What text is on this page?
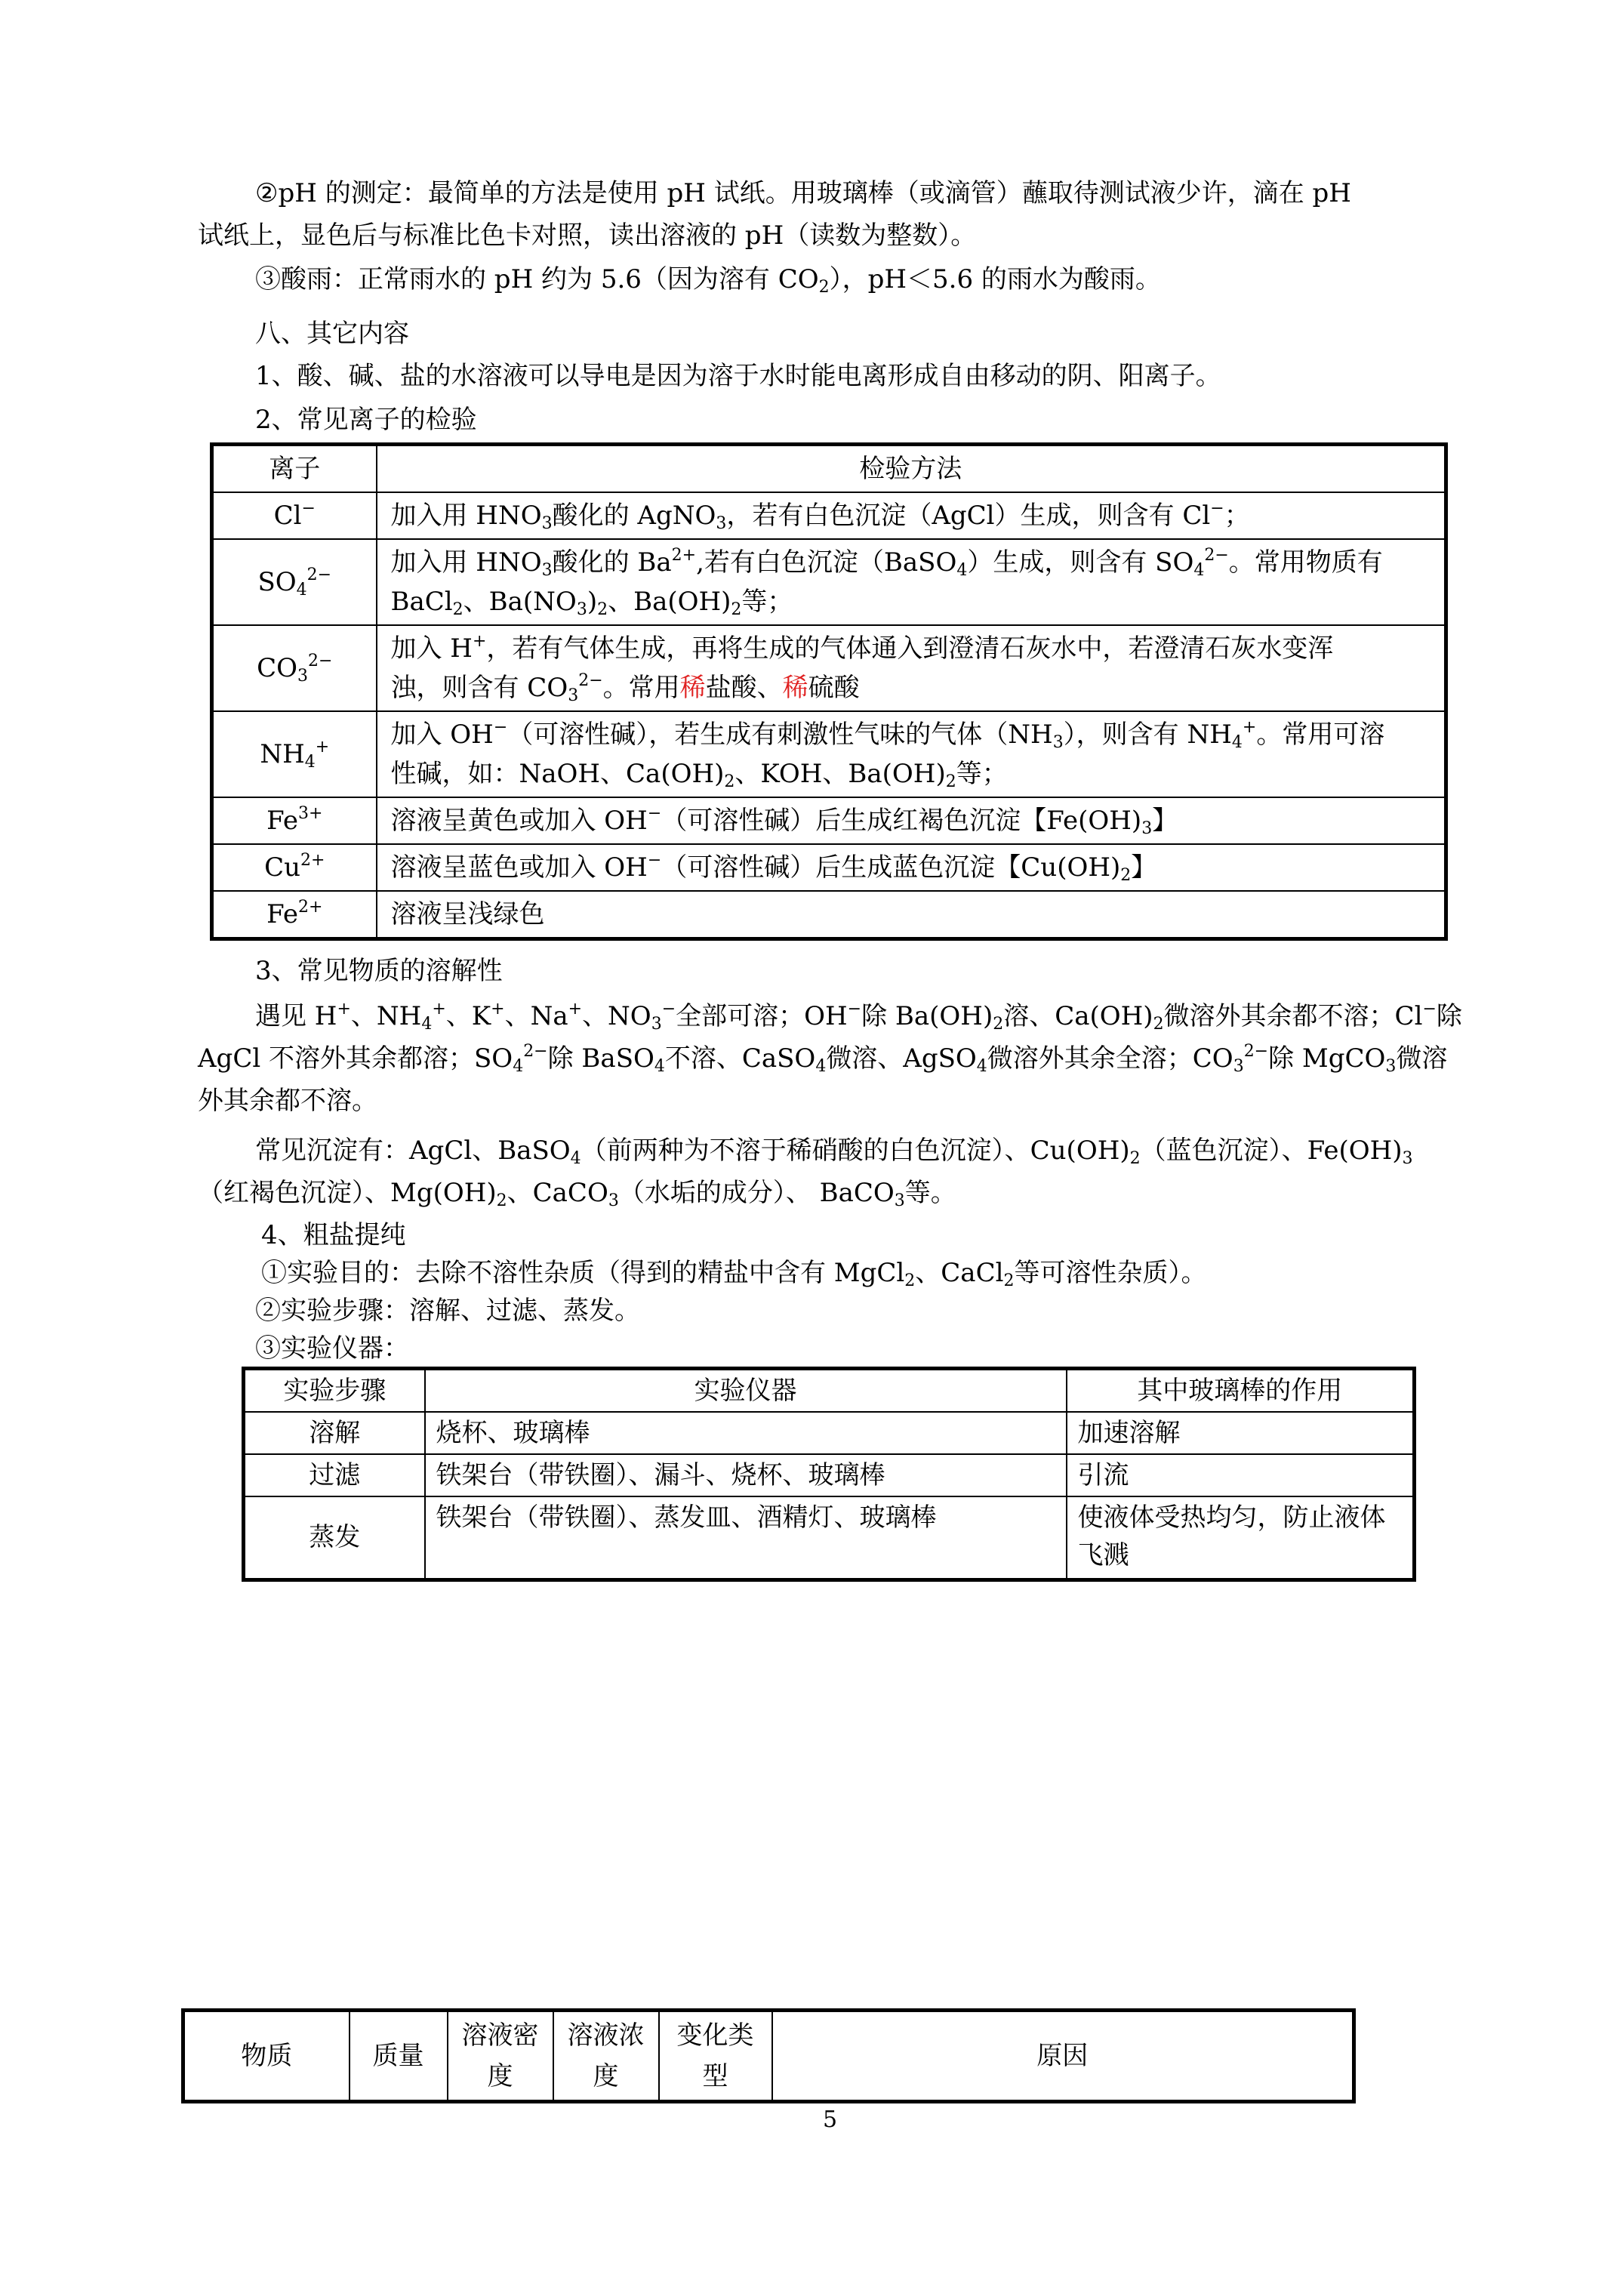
②pH 的测定：最简单的方法是使用 pH 试纸。用玻璃棒（或滴管）蘸取待测试液少许，滴在 pH
试纸上，显色后与标准比色卡对照，读出溶液的 pH（读数为整数）。
③酸雨：正常雨水的 pH 约为 5.6（因为溶有 $CO_2$），pH＜5.6 的雨水为酸雨。
八、其它内容
1、酸、碱、盐的水溶液可以导电是因为溶于水时能电离形成自由移动的阴、阳离子。
2、常见离子的检验
离子	检验方法
Cl−	加入用 $HNO_3$酸化的 AgNO$_3$，若有白色沉淀（AgCl）生成，则含有 Cl−；
$SO_4^{2-}$	加入用 $HNO_3$酸化的 $Ba^{2+}$,若有白色沉淀（BaSO$_4$）生成，则含有 $SO_4^{2-}$。常用物质有
BaCl$_2$、$Ba(NO_3)_2$、$Ba(OH)_2$等；
$CO_3^{2-}$	加入 H+，若有气体生成，再将生成的气体通入到澄清石灰水中，若澄清石灰水变浑
浊，则含有 $CO_3^{2-}$。常用稀盐酸、稀硫酸
$NH_4^+$	加入 OH−（可溶性碱），若生成有刺激性气味的气体$(NH_3)$，则含有 $NH_4^+$。常用可溶
性碱，如：NaOH、$Ca(OH)_2$、KOH、$Ba(OH)_2$等；
$Fe^{3+}$	溶液呈黄色或加入 OH−（可溶性碱）后生成红褐色沉淀【$Fe(OH)_3$】
$Cu^{2+}$	溶液呈蓝色或加入 OH−（可溶性碱）后生成蓝色沉淀【$Cu(OH)_2$】
$Fe^{2+}$	溶液呈浅绿色
3、常见物质的溶解性
遇见 H+、$NH_4^+$、K+、Na+、$NO_3^-$全部可溶；OH−除 $Ba(OH)_2$溶、$Ca(OH)_2$微溶外其余都不溶；Cl−除
AgCl 不溶外其余都溶；$SO_4^{2-}$除 BaSO$_4$不溶、CaSO$_4$微溶、AgSO$_4$微溶外其余全溶；$CO_3^{2-}$除 MgCO$_3$微溶
外其余都不溶。
常见沉淀有：AgCl、BaSO$_4$（前两种为不溶于稀硝酸的白色沉淀）、$Cu(OH)_2$（蓝色沉淀）、$Fe(OH)_3$
（红褐色沉淀）、$Mg(OH)_2$、CaCO$_3$（水垢的成分）、 BaCO$_3$等。
4、粗盐提纯
①实验目的：去除不溶性杂质（得到的精盐中含有 MgCl$_2$、CaCl$_2$等可溶性杂质）。
②实验步骤：溶解、过滤、蒸发。
③实验仪器：
实验步骤	实验仪器	其中玻璃棒的作用
溶解	烧杯、玻璃棒	加速溶解
过滤	铁架台（带铁圈）、漏斗、烧杯、玻璃棒	引流
蒸发	铁架台（带铁圈）、蒸发皿、酒精灯、玻璃棒	使液体受热均匀，防止液体飞溅
物质	质量	溶液密度	溶液浓度	变化类型	原因
5
